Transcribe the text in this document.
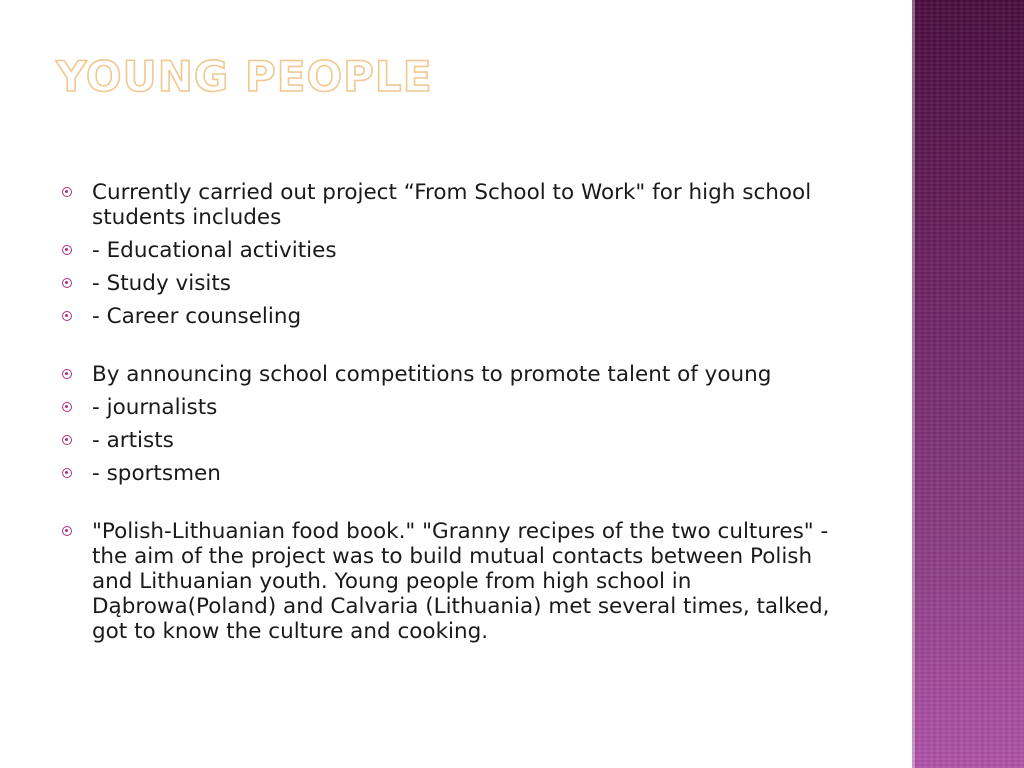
YOUNG PEOPLE
Currently carried out project “From School to Work" for high school students includes
- Educational activities
- Study visits
- Career counseling
By announcing school competitions to promote talent of young
- journalists
- artists
- sportsmen
"Polish-Lithuanian food book." "Granny recipes of the two cultures" - the aim of the project was to build mutual contacts between Polish and Lithuanian youth. Young people from high school in Dąbrowa(Poland) and Calvaria (Lithuania) met several times, talked, got to know the culture and cooking.
